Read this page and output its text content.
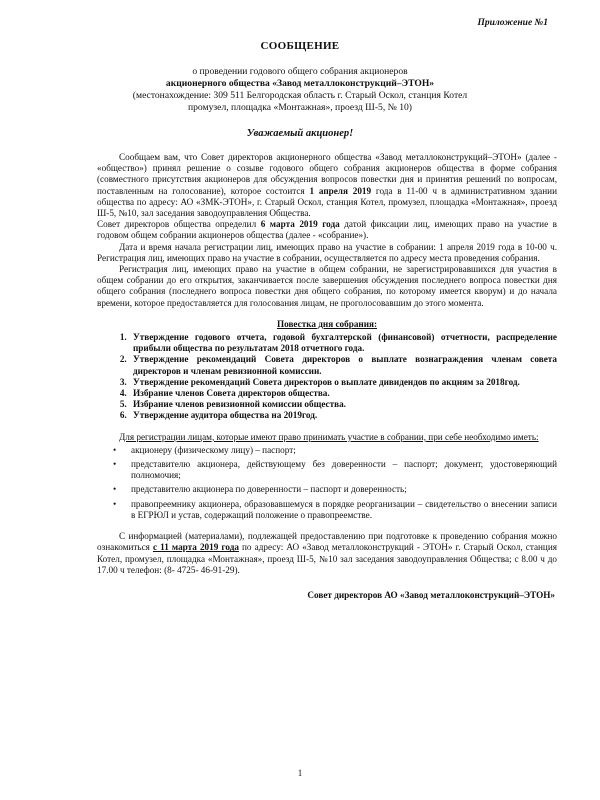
Приложение №1
СООБЩЕНИЕ
о проведении годового общего собрания акционеров
акционерного общества «Завод металлоконструкций–ЭТОН»
(местонахождение: 309 511 Белгородская область г. Старый Оскол, станция Котел
промузел, площадка «Монтажная», проезд Ш-5, № 10)
Уважаемый акционер!

Сообщаем вам, что Совет директоров акционерного общества «Завод металлоконструкций–ЭТОН» (далее - «общество») принял решение о созыве годового общего собрания акционеров общества в форме собрания (совместного присутствия акционеров для обсуждения вопросов повестки дня и принятия решений по вопросам, поставленным на голосование), которое состоится 1 апреля 2019 года в 11-00 ч в административном здании общества по адресу: АО «ЗМК-ЭТОН», г. Старый Оскол, станция Котел, промузел, площадка «Монтажная», проезд Ш-5, №10, зал заседания заводоуправления Общества.

Совет директоров общества определил 6 марта 2019 года датой фиксации лиц, имеющих право на участие в годовом общем собрании акционеров общества (далее - «собрание»).

Дата и время начала регистрации лиц, имеющих право на участие в собрании: 1 апреля 2019 года в 10-00 ч. Регистрация лиц, имеющих право на участие в собрании, осуществляется по адресу места проведения собрания.

Регистрация лиц, имеющих право на участие в общем собрании, не зарегистрировавшихся для участия в общем собрании до его открытия, заканчивается после завершения обсуждения последнего вопроса повестки дня общего собрания (последнего вопроса повестки дня общего собрания, по которому имеется кворум) и до начала времени, которое предоставляется для голосования лицам, не проголосовавшим до этого момента.

Повестка дня собрания:

1. Утверждение годового отчета, годовой бухгалтерской (финансовой) отчетности, распределение прибыли общества по результатам 2018 отчетного года.
2. Утверждение рекомендаций Совета директоров о выплате вознаграждения членам совета директоров и членам ревизионной комиссии.
3. Утверждение рекомендаций Совета директоров о выплате дивидендов по акциям за 2018год.
4. Избрание членов Совета директоров общества.
5. Избрание членов ревизионной комиссии общества.
6. Утверждение аудитора общества на 2019год.

Для регистрации лицам, которые имеют право принимать участие в собрании, при себе необходимо иметь:

• акционеру (физическому лицу) – паспорт;
• представителю акционера, действующему без доверенности – паспорт; документ, удостоверяющий полномочия;
• представителю акционера по доверенности – паспорт и доверенность;
• правопреемнику акционера, образовавшемуся в порядке реорганизации – свидетельство о внесении записи в ЕГРЮЛ и устав, содержащий положение о правопреемстве.

С информацией (материалами), подлежащей предоставлению при подготовке к проведению собрания можно ознакомиться с 11 марта 2019 года по адресу: АО «Завод металлоконструкций - ЭТОН» г. Старый Оскол, станция Котел, промузел, площадка «Монтажная», проезд Ш-5, №10 зал заседания заводоуправления Общества; с 8.00 ч до 17.00 ч телефон: (8- 4725- 46-91-29).

Совет директоров АО «Завод металлоконструкций–ЭТОН»

1
